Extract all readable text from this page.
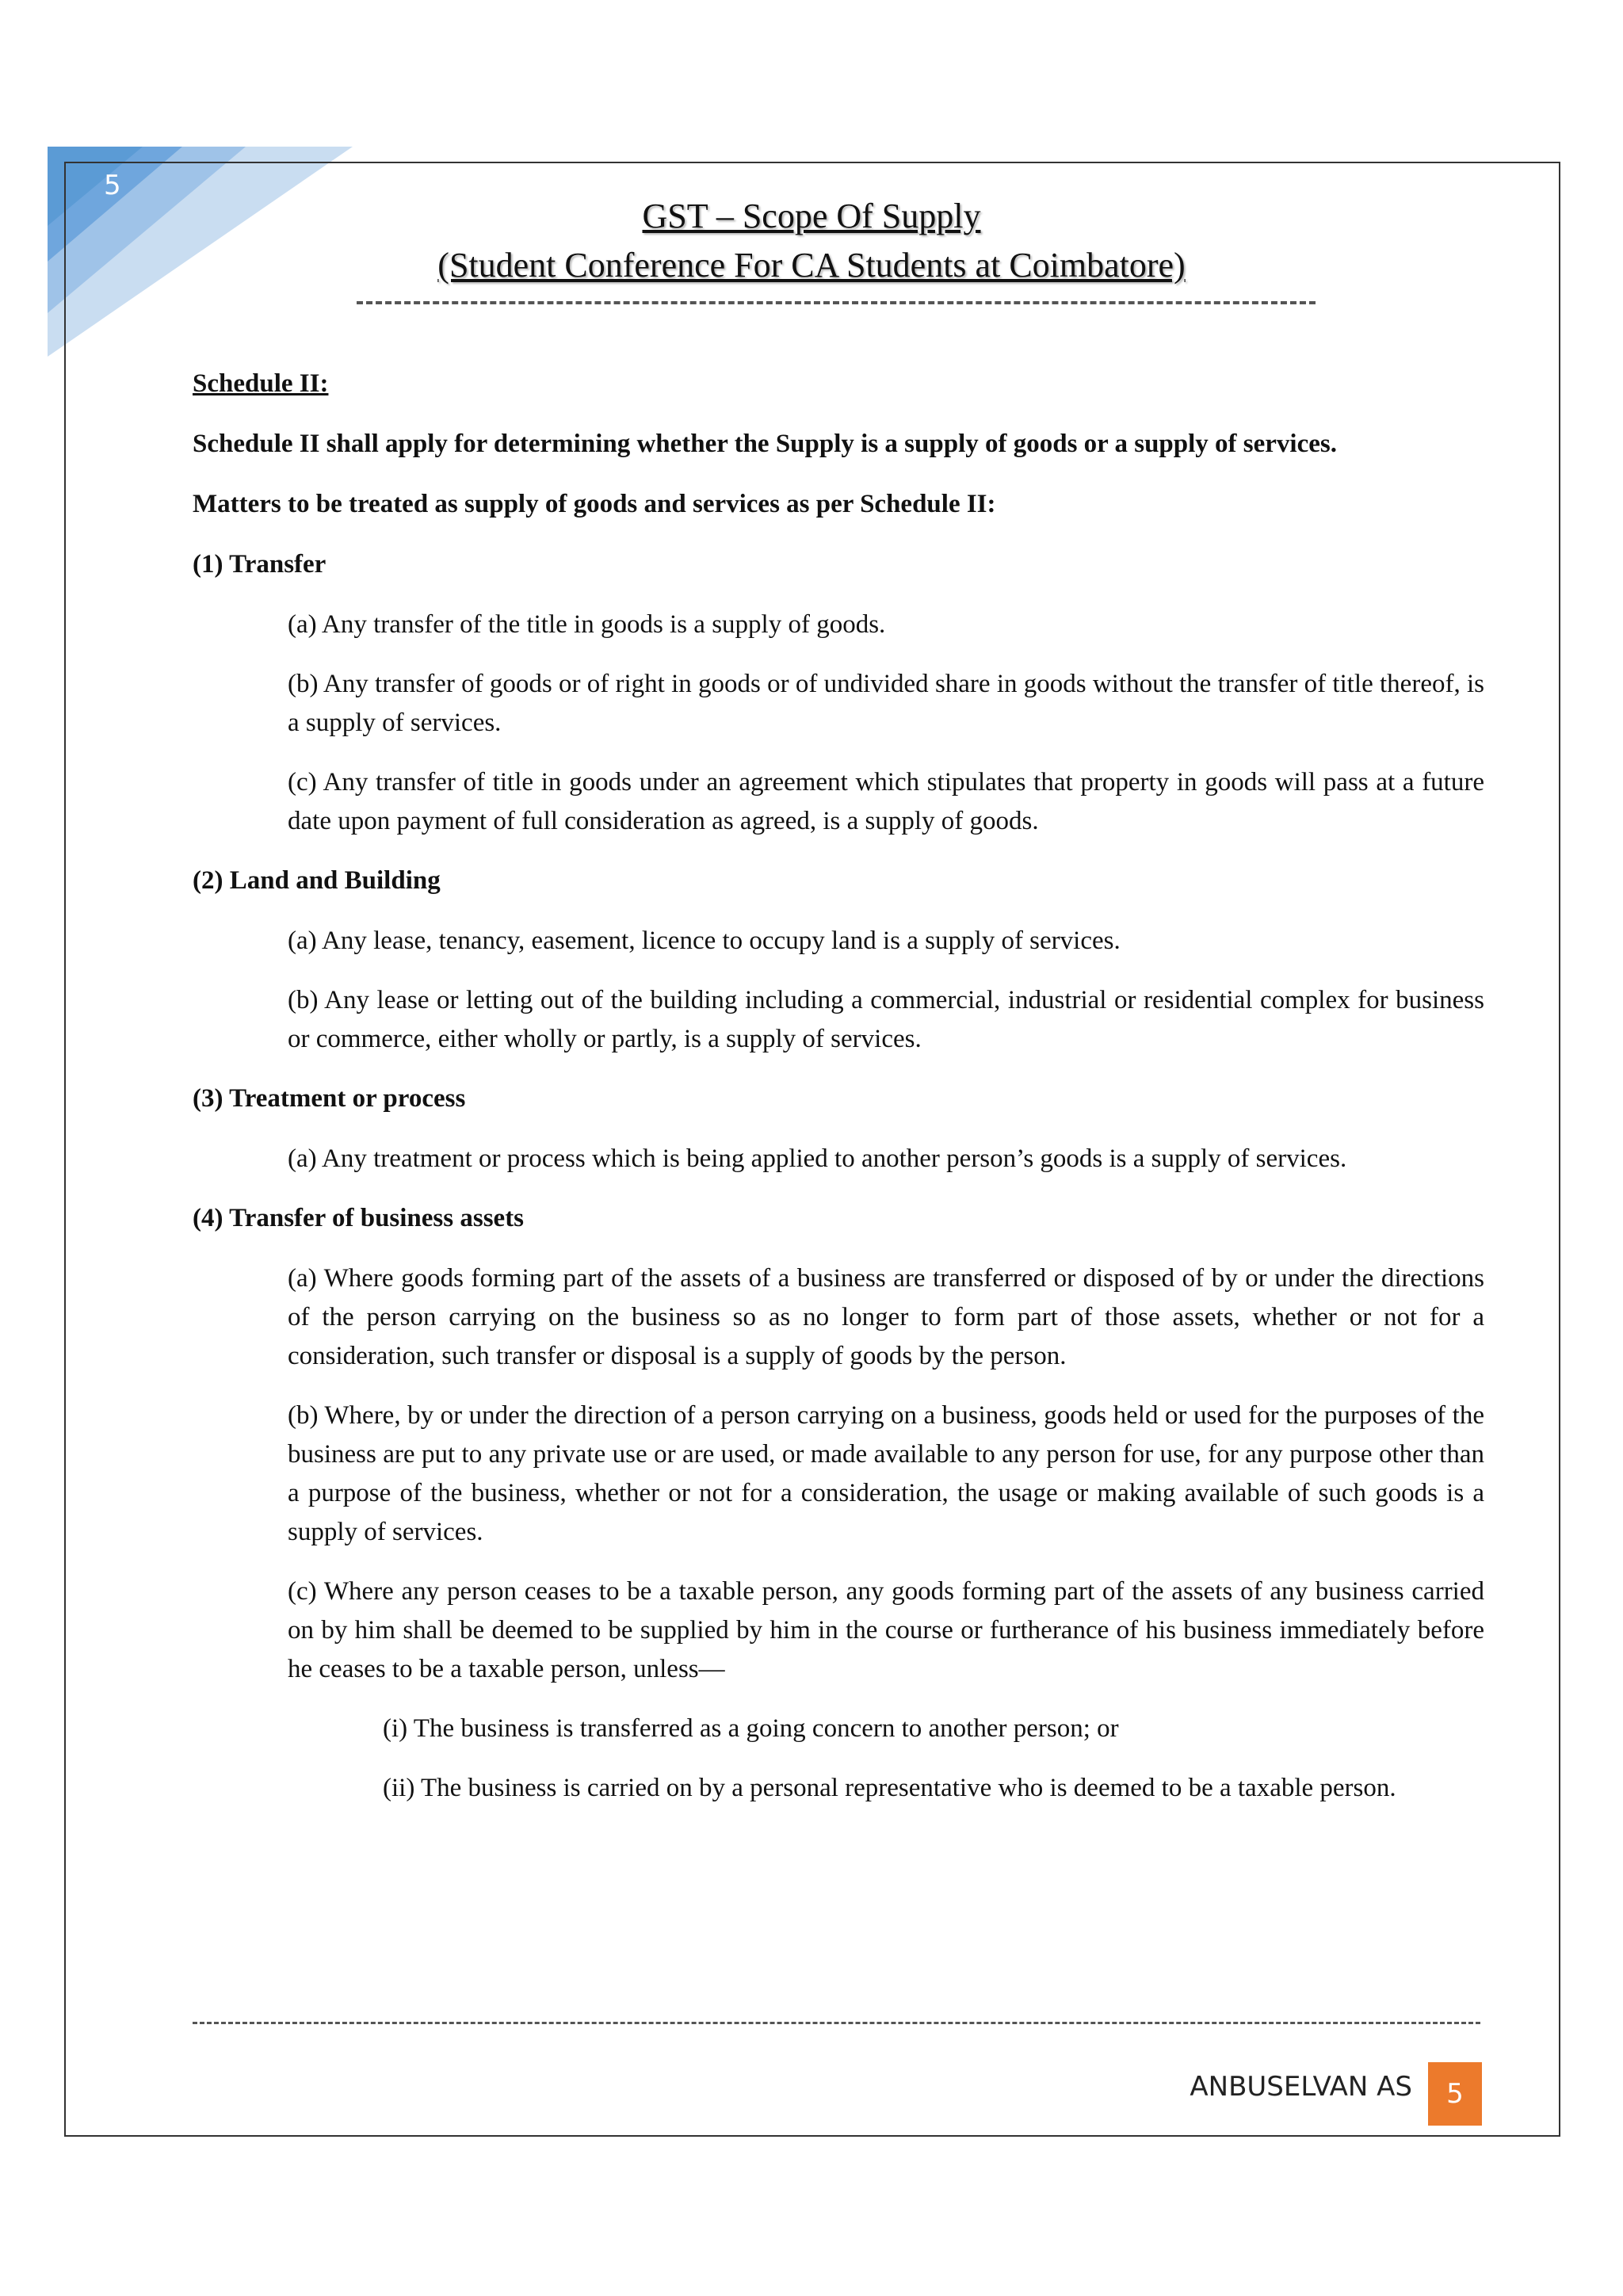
5
GST – Scope Of Supply
(Student Conference For CA Students at Coimbatore)

Schedule II:

Schedule II shall apply for determining whether the Supply is a supply of goods or a supply of services.

Matters to be treated as supply of goods and services as per Schedule II:

(1) Transfer

(a) Any transfer of the title in goods is a supply of goods.

(b) Any transfer of goods or of right in goods or of undivided share in goods without the transfer of title thereof, is a supply of services.

(c) Any transfer of title in goods under an agreement which stipulates that property in goods will pass at a future date upon payment of full consideration as agreed, is a supply of goods.

(2) Land and Building

(a) Any lease, tenancy, easement, licence to occupy land is a supply of services.

(b) Any lease or letting out of the building including a commercial, industrial or residential complex for business or commerce, either wholly or partly, is a supply of services.

(3) Treatment or process

(a) Any treatment or process which is being applied to another person’s goods is a supply of services.

(4) Transfer of business assets

(a) Where goods forming part of the assets of a business are transferred or disposed of by or under the directions of the person carrying on the business so as no longer to form part of those assets, whether or not for a consideration, such transfer or disposal is a supply of goods by the person.

(b) Where, by or under the direction of a person carrying on a business, goods held or used for the purposes of the business are put to any private use or are used, or made available to any person for use, for any purpose other than a purpose of the business, whether or not for a consideration, the usage or making available of such goods is a supply of services.

(c) Where any person ceases to be a taxable person, any goods forming part of the assets of any business carried on by him shall be deemed to be supplied by him in the course or furtherance of his business immediately before he ceases to be a taxable person, unless—

(i) The business is transferred as a going concern to another person; or

(ii) The business is carried on by a personal representative who is deemed to be a taxable person.

ANBUSELVAN AS	5
